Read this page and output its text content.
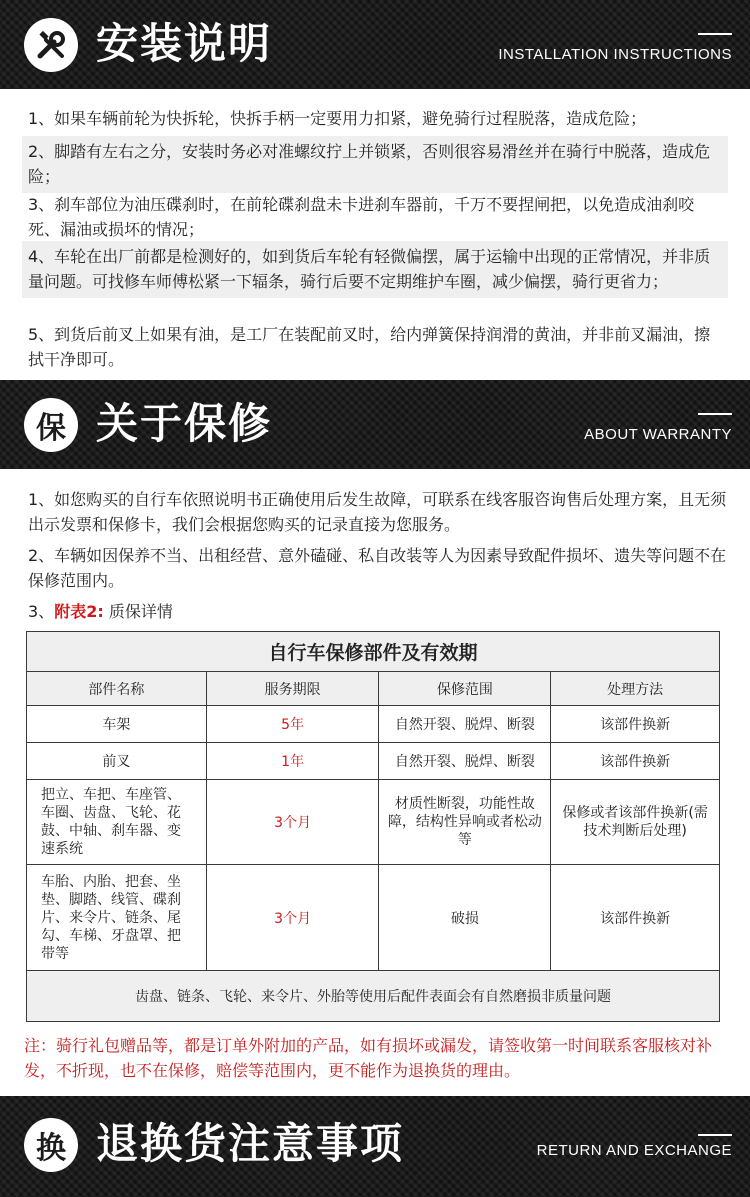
安装说明	INSTALLATION INSTRUCTIONS
1、如果车辆前轮为快拆轮，快拆手柄一定要用力扣紧，避免骑行过程脱落，造成危险；
2、脚踏有左右之分，安装时务必对准螺纹拧上并锁紧，否则很容易滑丝并在骑行中脱落，造成危险；
3、刹车部位为油压碟刹时，在前轮碟刹盘未卡进刹车器前，千万不要捏闸把，以免造成油刹咬死、漏油或损坏的情况；
4、车轮在出厂前都是检测好的，如到货后车轮有轻微偏摆，属于运输中出现的正常情况，并非质量问题。可找修车师傅松紧一下辐条，骑行后要不定期维护车圈，减少偏摆，骑行更省力；
5、到货后前叉上如果有油，是工厂在装配前叉时，给内弹簧保持润滑的黄油，并非前叉漏油，擦拭干净即可。
保 关于保修	ABOUT WARRANTY
1、如您购买的自行车依照说明书正确使用后发生故障，可联系在线客服咨询售后处理方案，且无须出示发票和保修卡，我们会根据您购买的记录直接为您服务。
2、车辆如因保养不当、出租经营、意外磕碰、私自改装等人为因素导致配件损坏、遗失等问题不在保修范围内。
3、附表2: 质保详情
自行车保修部件及有效期			
部件名称	服务期限	保修范围	处理方法
车架	5年	自然开裂、脱焊、断裂	该部件换新
前叉	1年	自然开裂、脱焊、断裂	该部件换新
把立、车把、车座管、车圈、齿盘、飞轮、花鼓、中轴、刹车器、变速系统	3个月	材质性断裂，功能性故障，结构性异响或者松动等	保修或者该部件换新(需技术判断后处理)
车胎、内胎、把套、坐垫、脚踏、线管、碟刹片、来令片、链条、尾勾、车梯、牙盘罩、把带等	3个月	破损	该部件换新
齿盘、链条、飞轮、来令片、外胎等使用后配件表面会有自然磨损非质量问题			
注：骑行礼包赠品等，都是订单外附加的产品，如有损坏或漏发，请签收第一时间联系客服核对补发，不折现，也不在保修，赔偿等范围内，更不能作为退换货的理由。
换 退换货注意事项	RETURN AND EXCHANGE
